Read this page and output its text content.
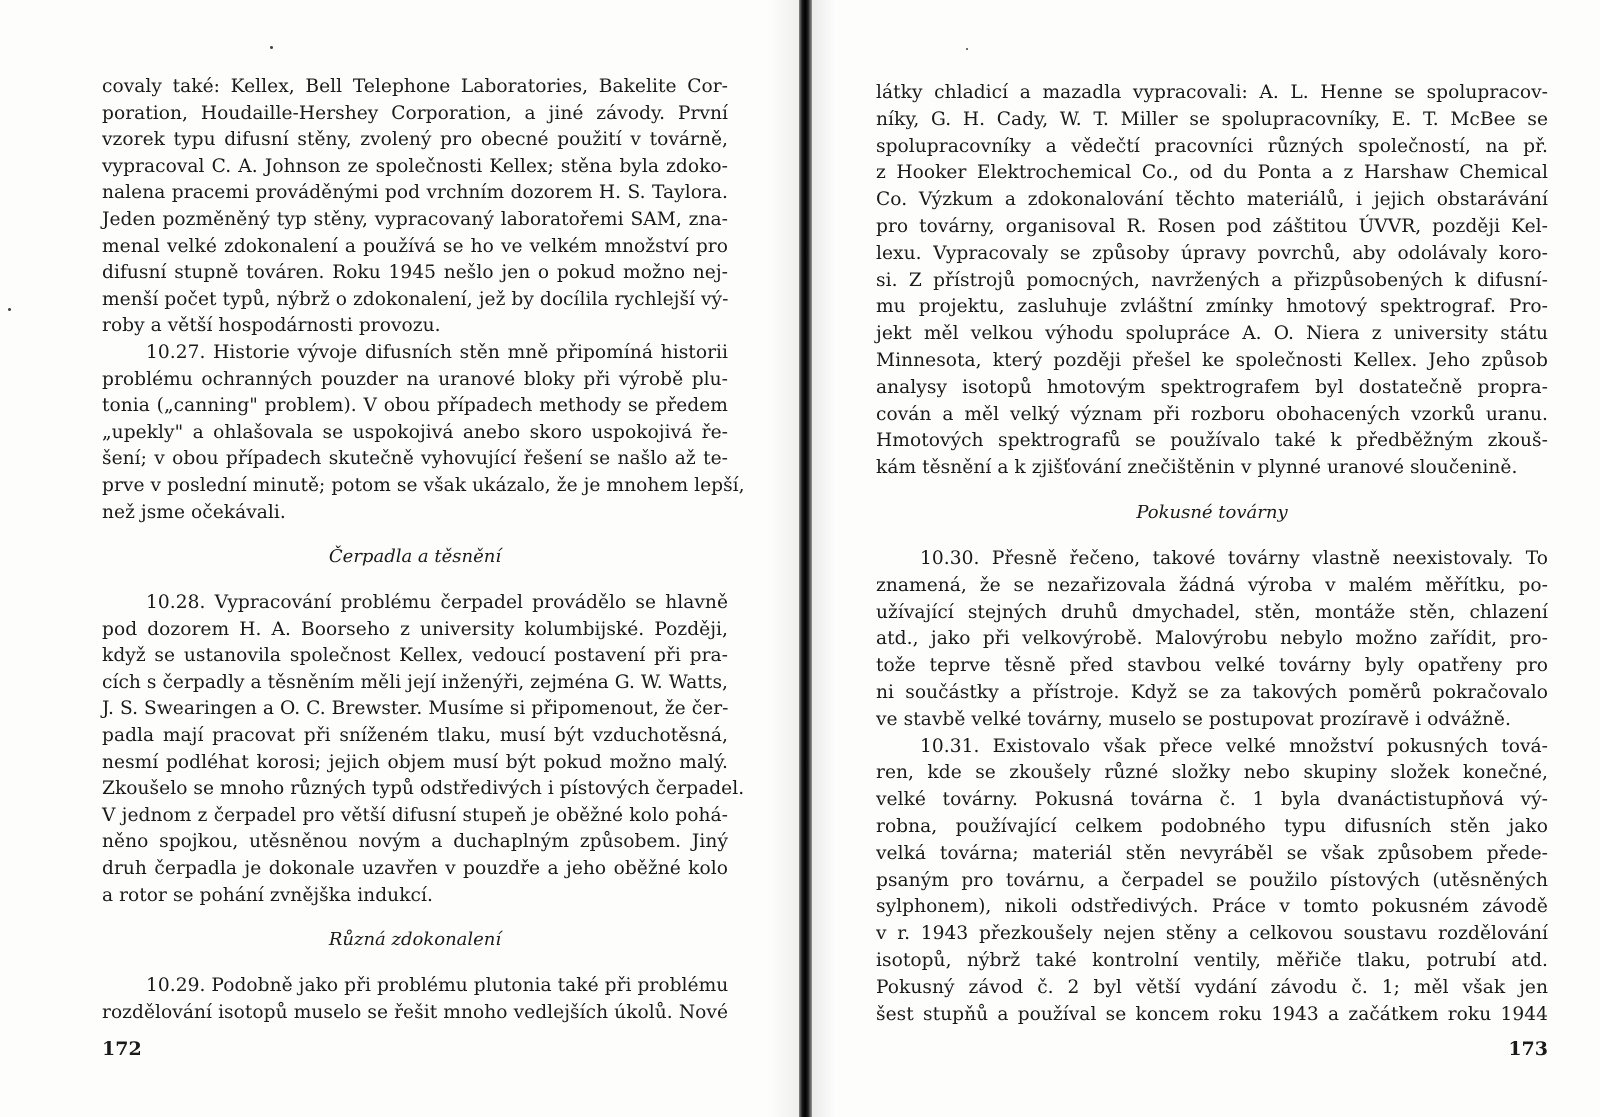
covaly také: Kellex, Bell Telephone Laboratories, Bakelite Cor-
poration, Houdaille-Hershey Corporation, a jiné závody. První
vzorek typu difusní stěny, zvolený pro obecné použití v továrně,
vypracoval C. A. Johnson ze společnosti Kellex; stěna byla zdoko-
nalena pracemi prováděnými pod vrchním dozorem H. S. Taylora.
Jeden pozměněný typ stěny, vypracovaný laboratořemi SAM, zna-
menal velké zdokonalení a používá se ho ve velkém množství pro
difusní stupně továren. Roku 1945 nešlo jen o pokud možno nej-
menší počet typů, nýbrž o zdokonalení, jež by docílila rychlejší vý-
roby a větší hospodárnosti provozu.
10.27. Historie vývoje difusních stěn mně připomíná historii
problému ochranných pouzder na uranové bloky při výrobě plu-
tonia („canning" problem). V obou případech methody se předem
„upekly" a ohlašovala se uspokojivá anebo skoro uspokojivá ře-
šení; v obou případech skutečně vyhovující řešení se našlo až te-
prve v poslední minutě; potom se však ukázalo, že je mnohem lepší,
než jsme očekávali.
Čerpadla a těsnění
10.28. Vypracování problému čerpadel provádělo se hlavně
pod dozorem H. A. Boorseho z university kolumbijské. Později,
když se ustanovila společnost Kellex, vedoucí postavení při pra-
cích s čerpadly a těsněním měli její inženýři, zejména G. W. Watts,
J. S. Swearingen a O. C. Brewster. Musíme si připomenout, že čer-
padla mají pracovat při sníženém tlaku, musí být vzduchotěsná,
nesmí podléhat korosi; jejich objem musí být pokud možno malý.
Zkoušelo se mnoho různých typů odstředivých i pístových čerpadel.
V jednom z čerpadel pro větší difusní stupeň je oběžné kolo pohá-
něno spojkou, utěsněnou novým a duchaplným způsobem. Jiný
druh čerpadla je dokonale uzavřen v pouzdře a jeho oběžné kolo
a rotor se pohání zvnějška indukcí.
Různá zdokonalení
10.29. Podobně jako při problému plutonia také při problému
rozdělování isotopů muselo se řešit mnoho vedlejších úkolů. Nové
172
látky chladicí a mazadla vypracovali: A. L. Henne se spolupracov-
níky, G. H. Cady, W. T. Miller se spolupracovníky, E. T. McBee se
spolupracovníky a vědečtí pracovníci různých společností, na př.
z Hooker Elektrochemical Co., od du Ponta a z Harshaw Chemical
Co. Výzkum a zdokonalování těchto materiálů, i jejich obstarávání
pro továrny, organisoval R. Rosen pod záštitou ÚVVR, později Kel-
lexu. Vypracovaly se způsoby úpravy povrchů, aby odolávaly koro-
si. Z přístrojů pomocných, navržených a přizpůsobených k difusní-
mu projektu, zasluhuje zvláštní zmínky hmotový spektrograf. Pro-
jekt měl velkou výhodu spolupráce A. O. Niera z university státu
Minnesota, který později přešel ke společnosti Kellex. Jeho způsob
analysy isotopů hmotovým spektrografem byl dostatečně propra-
cován a měl velký význam při rozboru obohacených vzorků uranu.
Hmotových spektrografů se používalo také k předběžným zkouš-
kám těsnění a k zjišťování znečištěnin v plynné uranové sloučenině.
Pokusné továrny
10.30. Přesně řečeno, takové továrny vlastně neexistovaly. To
znamená, že se nezařizovala žádná výroba v malém měřítku, po-
užívající stejných druhů dmychadel, stěn, montáže stěn, chlazení
atd., jako při velkovýrobě. Malovýrobu nebylo možno zařídit, pro-
tože teprve těsně před stavbou velké továrny byly opatřeny pro
ni součástky a přístroje. Když se za takových poměrů pokračovalo
ve stavbě velké továrny, muselo se postupovat prozíravě i odvážně.
10.31. Existovalo však přece velké množství pokusných tová-
ren, kde se zkoušely různé složky nebo skupiny složek konečné,
velké továrny. Pokusná továrna č. 1 byla dvanáctistupňová vý-
robna, používající celkem podobného typu difusních stěn jako
velká továrna; materiál stěn nevyráběl se však způsobem přede-
psaným pro továrnu, a čerpadel se použilo pístových (utěsněných
sylphonem), nikoli odstředivých. Práce v tomto pokusném závodě
v r. 1943 přezkoušely nejen stěny a celkovou soustavu rozdělování
isotopů, nýbrž také kontrolní ventily, měřiče tlaku, potrubí atd.
Pokusný závod č. 2 byl větší vydání závodu č. 1; měl však jen
šest stupňů a používal se koncem roku 1943 a začátkem roku 1944
173
